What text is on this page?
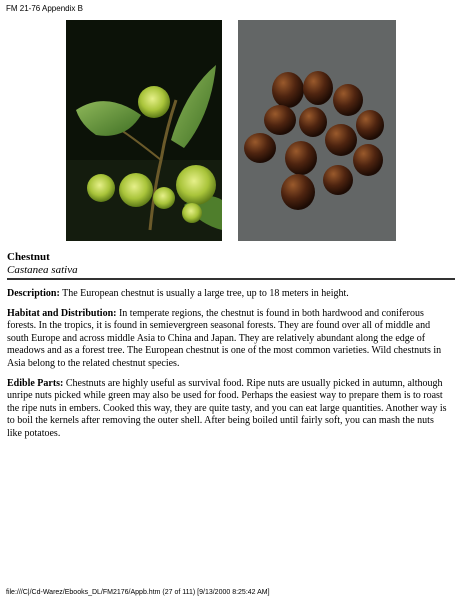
FM 21-76 Appendix B

Chestnut

Castanea sativa

Description: The European chestnut is usually a large tree, up to 18 meters in height.

Habitat and Distribution: In temperate regions, the chestnut is found in both hardwood and coniferous forests. In the tropics, it is found in semievergreen seasonal forests. They are found over all of middle and south Europe and across middle Asia to China and Japan. They are relatively abundant along the edge of meadows and as a forest tree. The European chestnut is one of the most common varieties. Wild chestnuts in Asia belong to the related chestnut species.

Edible Parts: Chestnuts are highly useful as survival food. Ripe nuts are usually picked in autumn, although unripe nuts picked while green may also be used for food. Perhaps the easiest way to prepare them is to roast the ripe nuts in embers. Cooked this way, they are quite tasty, and you can eat large quantities. Another way is to boil the kernels after removing the outer shell. After being boiled until fairly soft, you can mash the nuts like potatoes.

file:///C|/Cd-Warez/Ebooks_DL/FM2176/Appb.htm (27 of 111) [9/13/2000 8:25:42 AM]
